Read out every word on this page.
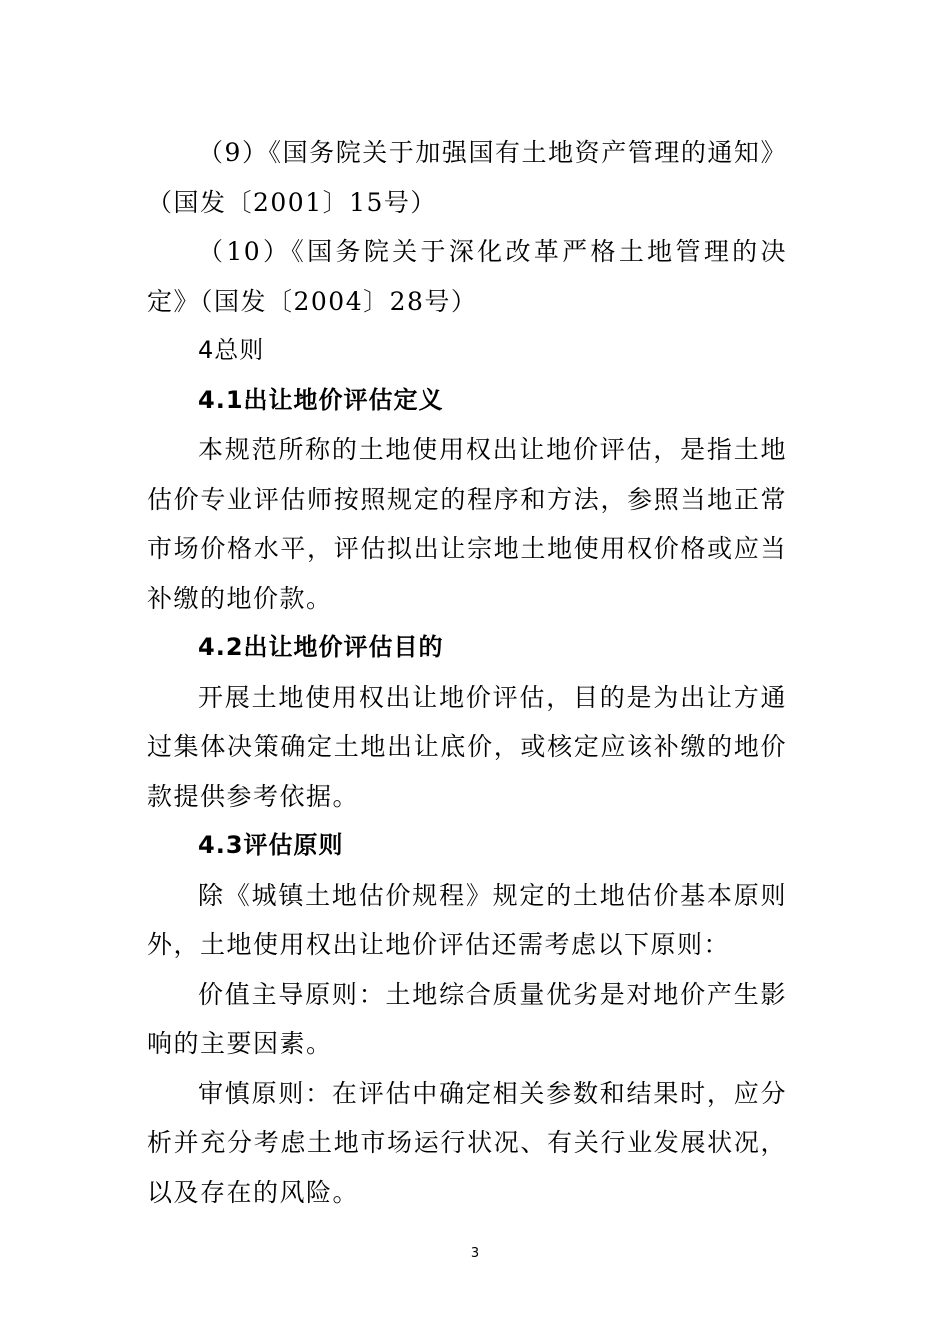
（9）《国务院关于加强国有土地资产管理的通知》（国发〔2001〕15号）

（10）《国务院关于深化改革严格土地管理的决定》（国发〔2004〕28号）

4总则

4.1出让地价评估定义

本规范所称的土地使用权出让地价评估，是指土地估价专业评估师按照规定的程序和方法，参照当地正常市场价格水平，评估拟出让宗地土地使用权价格或应当补缴的地价款。

4.2出让地价评估目的

开展土地使用权出让地价评估，目的是为出让方通过集体决策确定土地出让底价，或核定应该补缴的地价款提供参考依据。

4.3评估原则

除《城镇土地估价规程》规定的土地估价基本原则外，土地使用权出让地价评估还需考虑以下原则：

价值主导原则：土地综合质量优劣是对地价产生影响的主要因素。

审慎原则：在评估中确定相关参数和结果时，应分析并充分考虑土地市场运行状况、有关行业发展状况，以及存在的风险。

3
